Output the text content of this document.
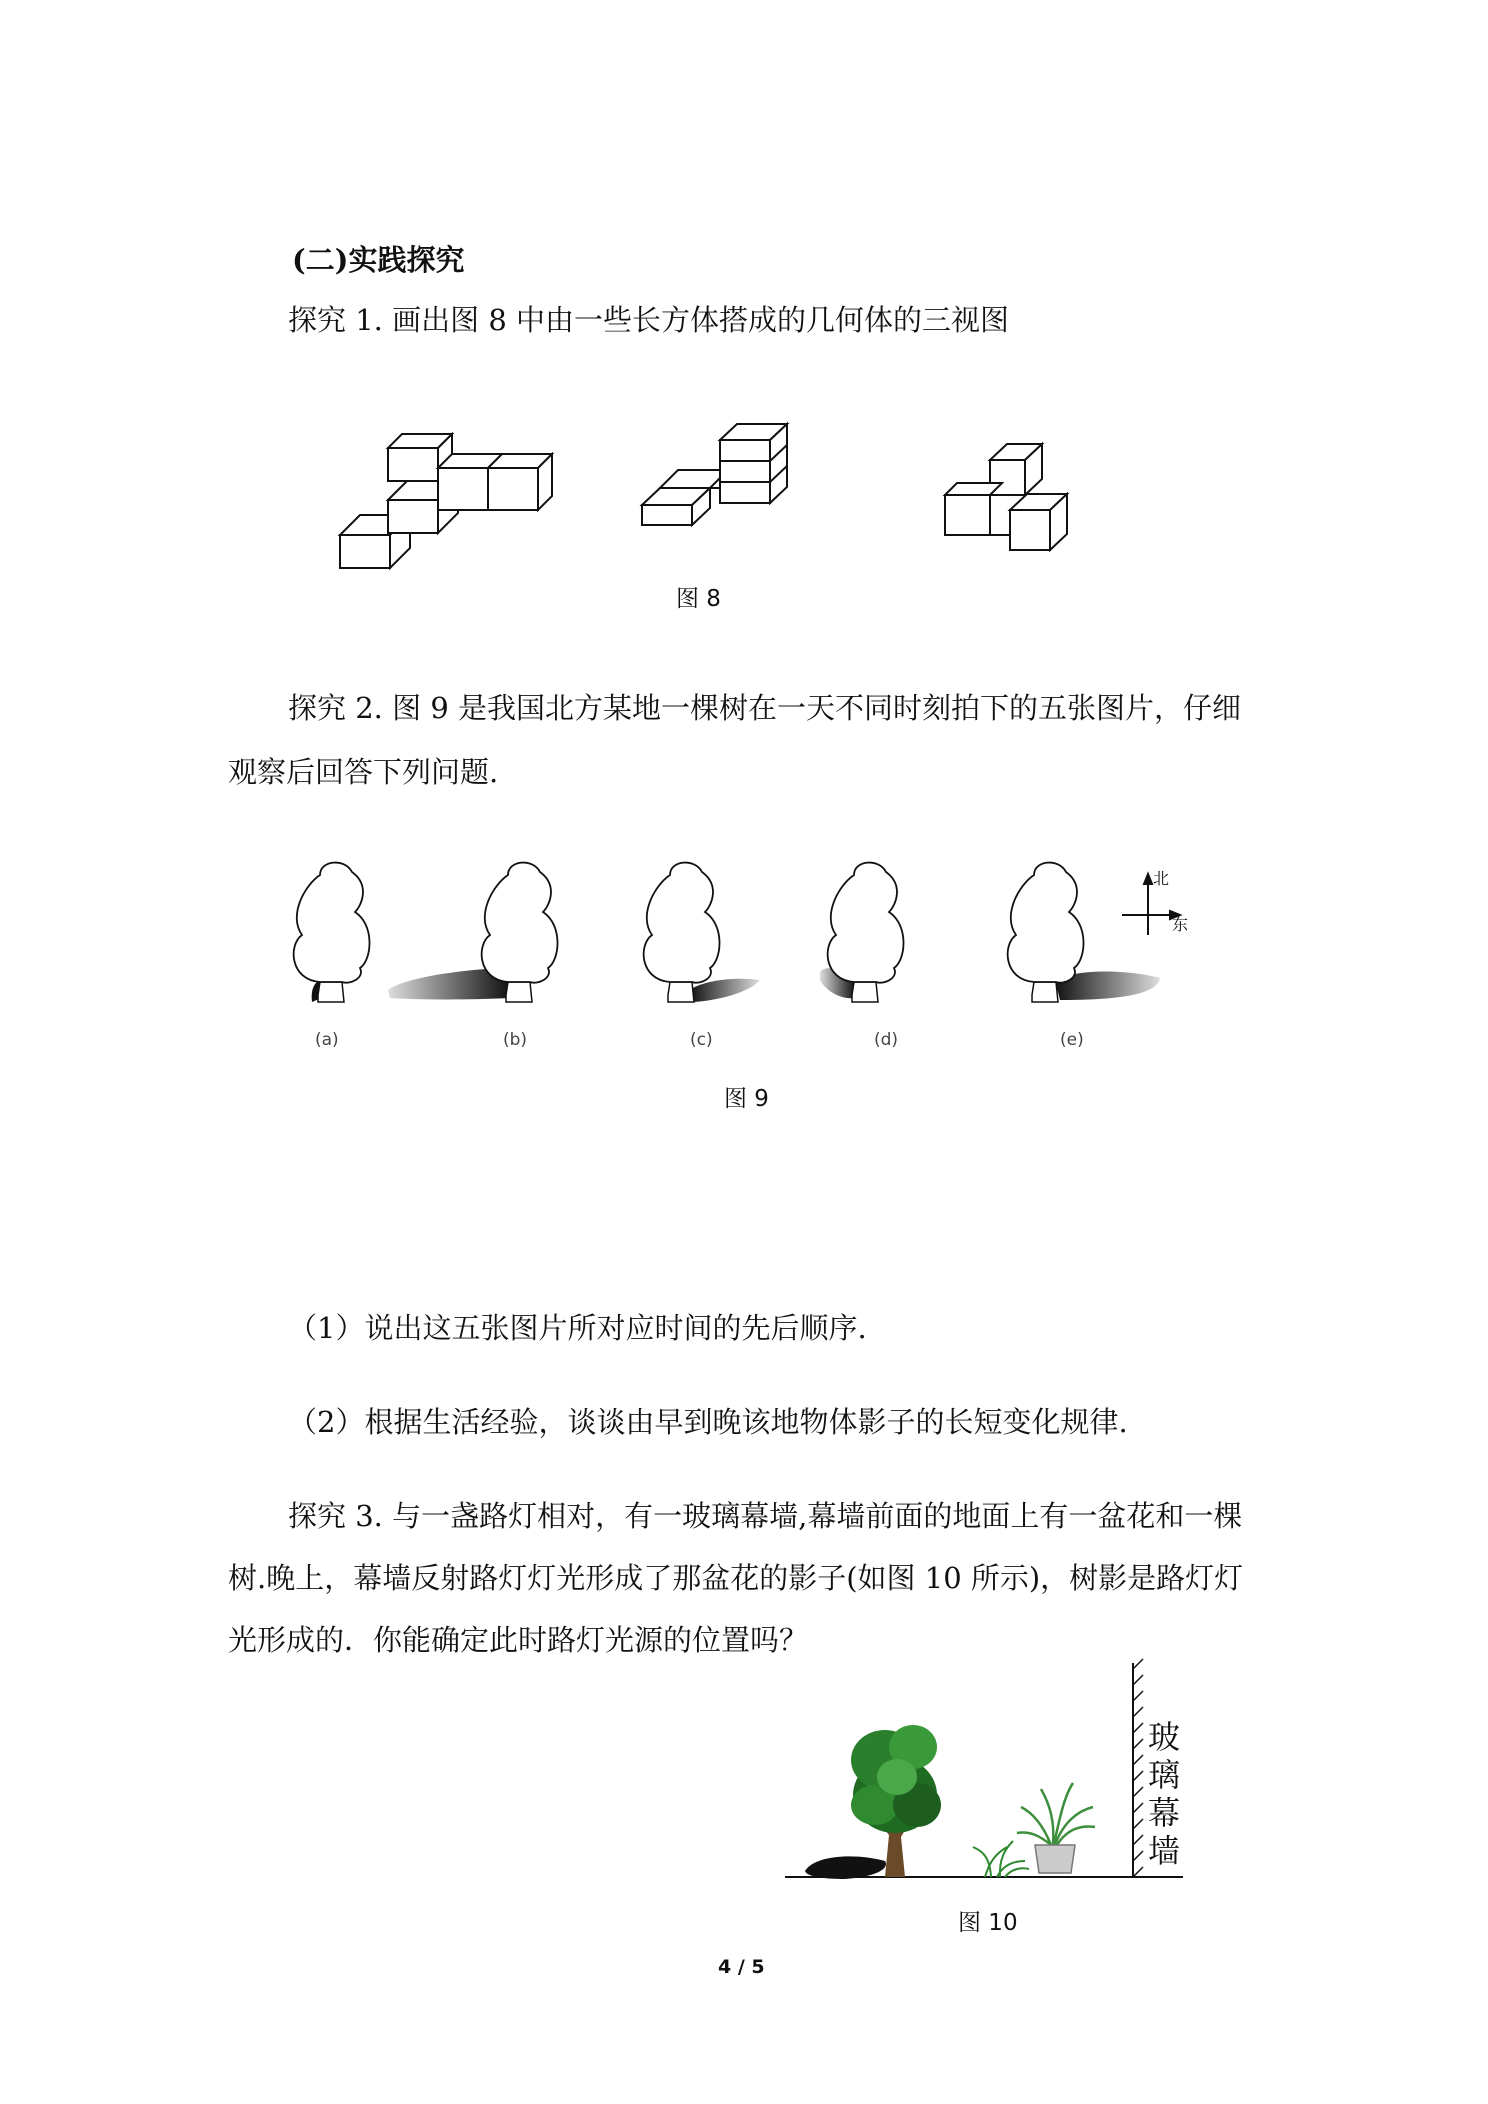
(二)实践探究
探究 1. 画出图 8 中由一些长方体搭成的几何体的三视图
图 8
探究 2. 图 9 是我国北方某地一棵树在一天不同时刻拍下的五张图片，仔细
观察后回答下列问题.
北
东
(a)	(b)	(c)	(d)	(e)
图 9
（1）说出这五张图片所对应时间的先后顺序.
（2）根据生活经验，谈谈由早到晚该地物体影子的长短变化规律.
探究 3. 与一盏路灯相对，有一玻璃幕墙,幕墙前面的地面上有一盆花和一棵
树.晚上，幕墙反射路灯灯光形成了那盆花的影子(如图 10 所示)，树影是路灯灯
光形成的．你能确定此时路灯光源的位置吗？
玻
璃
幕
墙
图 10
4 / 5
